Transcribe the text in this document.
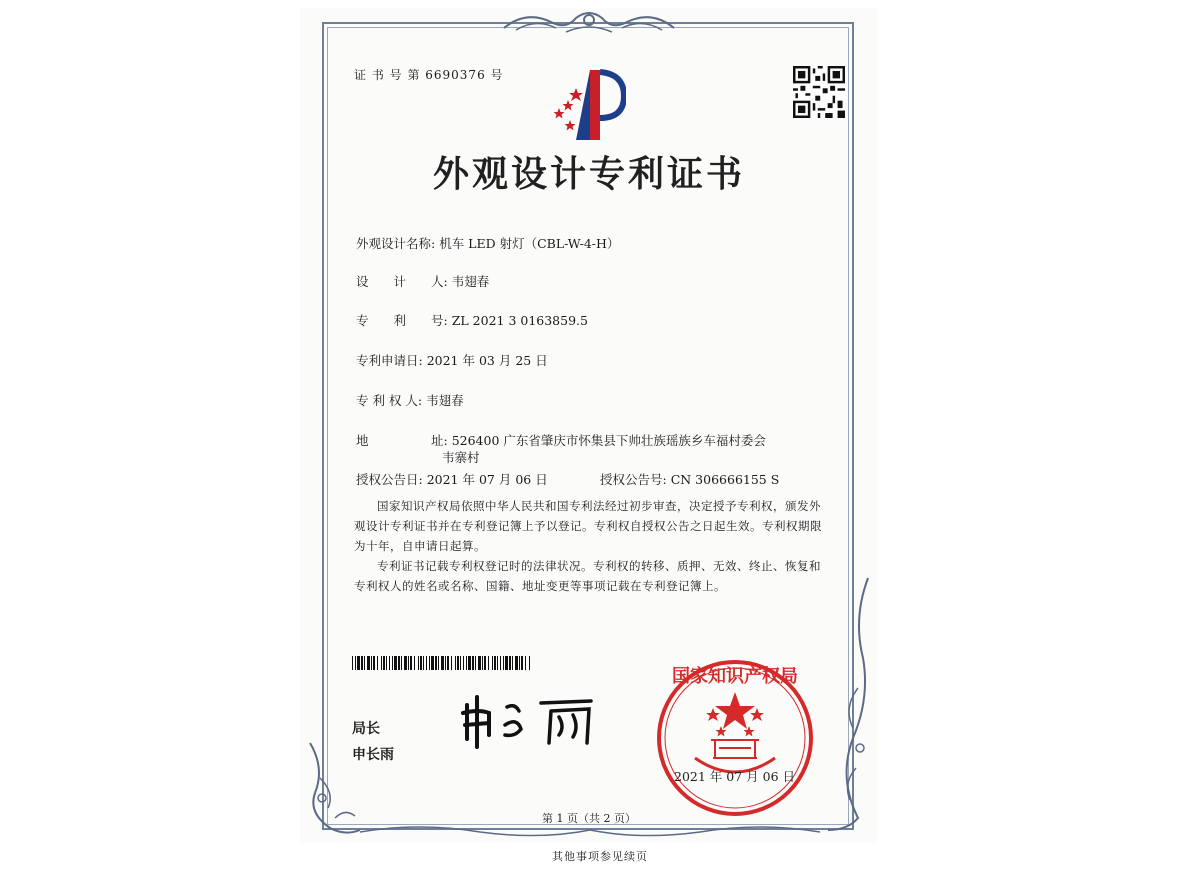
证 书 号 第 6690376 号
外观设计专利证书
外观设计名称: 机车 LED 射灯（CBL-W-4-H）
设　　计　　人: 韦翅春
专　　利　　号: ZL 2021 3 0163859.5
专利申请日: 2021 年 03 月 25 日
专 利 权 人: 韦翅春
地　　　　　址: 526400 广东省肇庆市怀集县下帅壮族瑶族乡车福村委会
韦寨村
授权公告日: 2021 年 07 月 06 日	授权公告号: CN 306666155 S
国家知识产权局依照中华人民共和国专利法经过初步审查，决定授予专利权，颁发外观设计专利证书并在专利登记簿上予以登记。专利权自授权公告之日起生效。专利权期限为十年，自申请日起算。
专利证书记载专利权登记时的法律状况。专利权的转移、质押、无效、终止、恢复和专利权人的姓名或名称、国籍、地址变更等事项记载在专利登记簿上。
局长
申长雨
国家知识产权局
2021 年 07 月 06 日
第 1 页（共 2 页）
其他事项参见续页
